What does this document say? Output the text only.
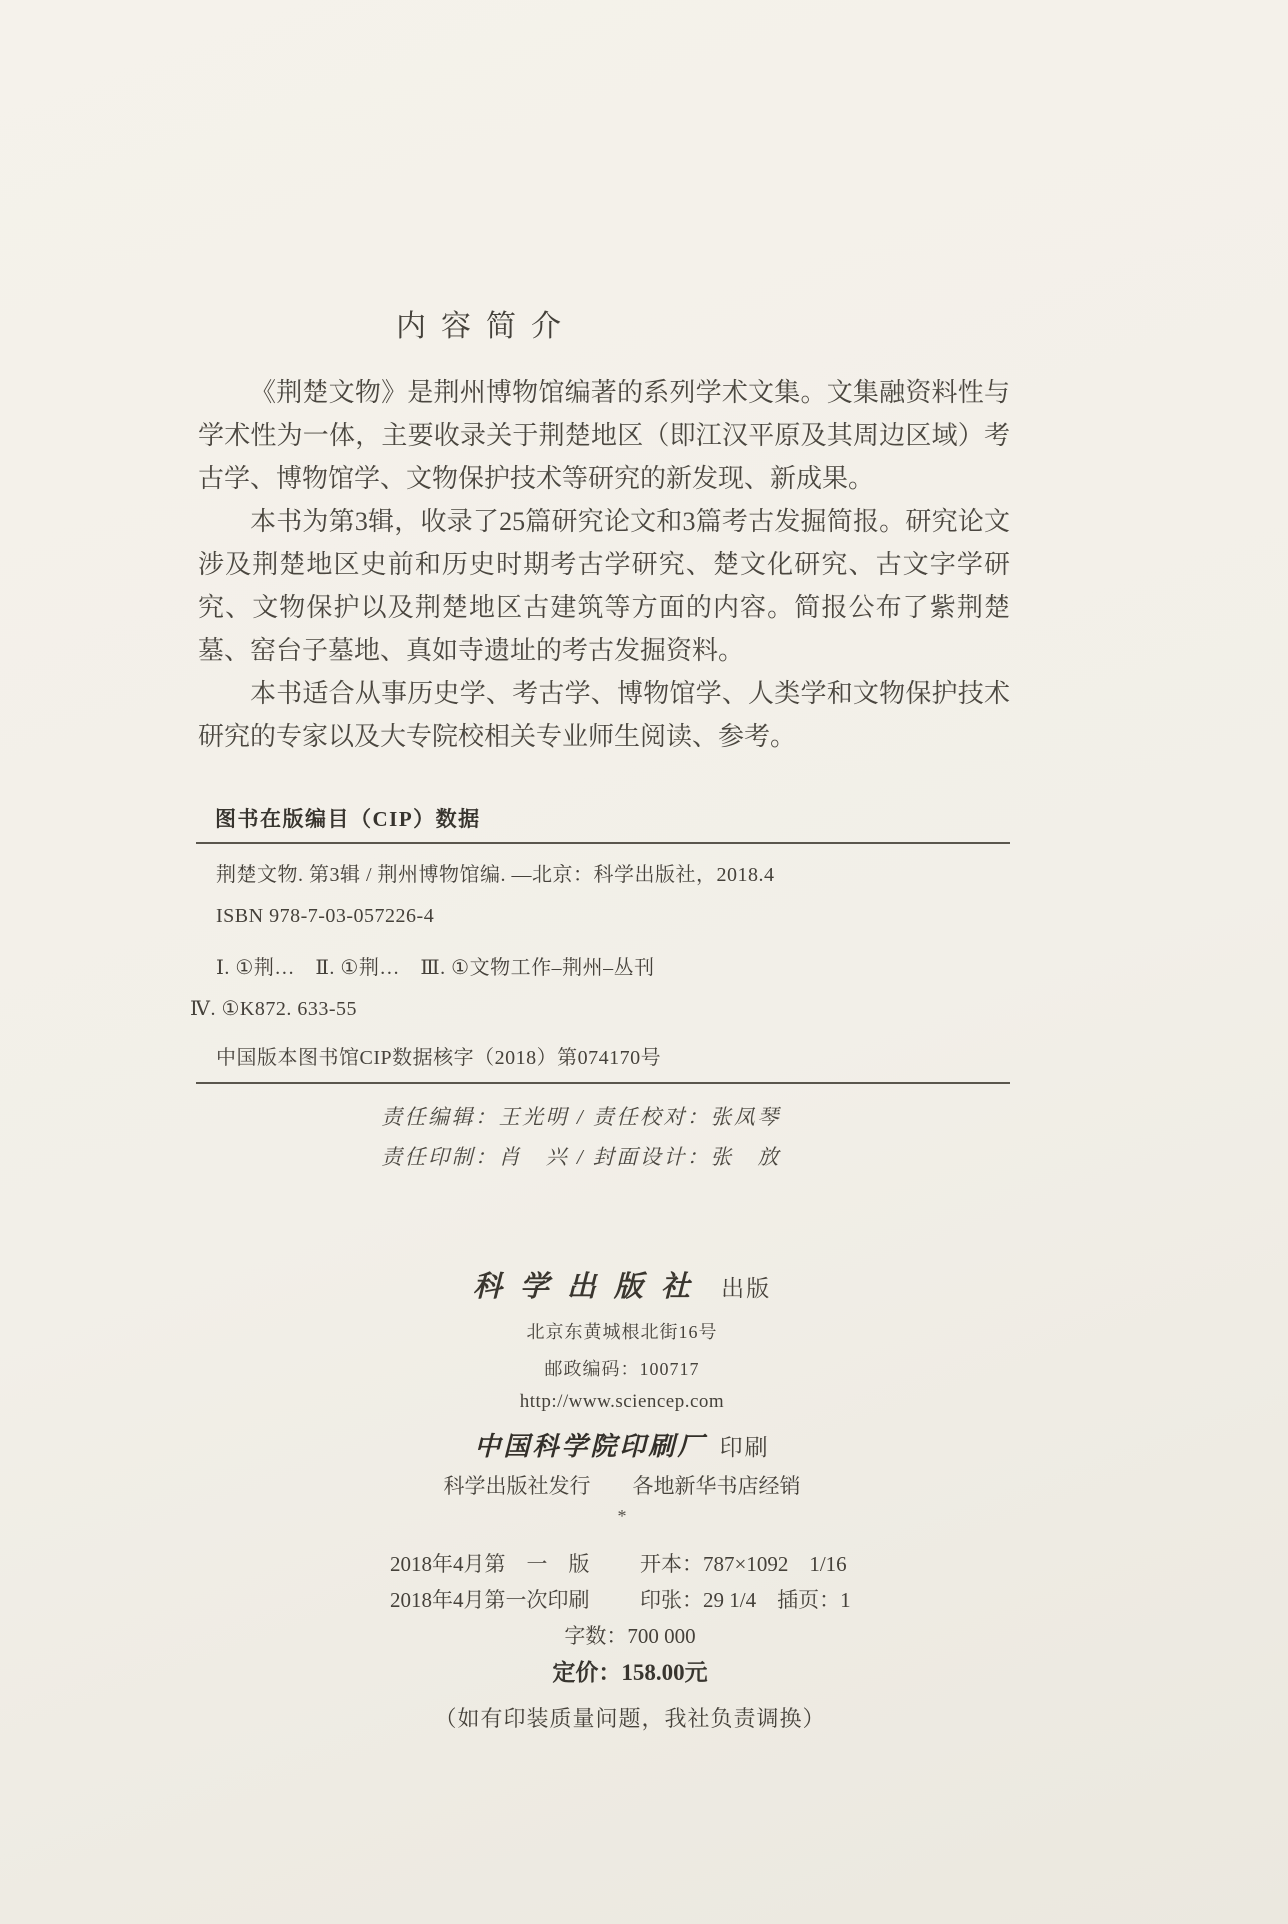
内容简介

《荆楚文物》是荆州博物馆编著的系列学术文集。文集融资料性与学术性为一体，主要收录关于荆楚地区（即江汉平原及其周边区域）考古学、博物馆学、文物保护技术等研究的新发现、新成果。

本书为第3辑，收录了25篇研究论文和3篇考古发掘简报。研究论文涉及荆楚地区史前和历史时期考古学研究、楚文化研究、古文字学研究、文物保护以及荆楚地区古建筑等方面的内容。简报公布了紫荆楚墓、窑台子墓地、真如寺遗址的考古发掘资料。

本书适合从事历史学、考古学、博物馆学、人类学和文物保护技术研究的专家以及大专院校相关专业师生阅读、参考。

图书在版编目（CIP）数据
荆楚文物. 第3辑 / 荆州博物馆编. —北京：科学出版社，2018.4
ISBN 978-7-03-057226-4
Ⅰ. ①荆…　Ⅱ. ①荆…　Ⅲ. ①文物工作–荆州–丛刊
Ⅳ. ①K872. 633-55
中国版本图书馆CIP数据核字（2018）第074170号
责任编辑：王光明 / 责任校对：张凤琴
责任印制：肖　兴 / 封面设计：张　放
科学出版社 出版
北京东黄城根北街16号
邮政编码：100717
http://www.sciencep.com
中国科学院印刷厂 印刷
科学出版社发行　　各地新华书店经销
*
2018年4月第　一　版 开本：787×1092　1/16
2018年4月第一次印刷 印张：29 1/4　插页：1
字数：700 000
定价：158.00元
（如有印装质量问题，我社负责调换）
